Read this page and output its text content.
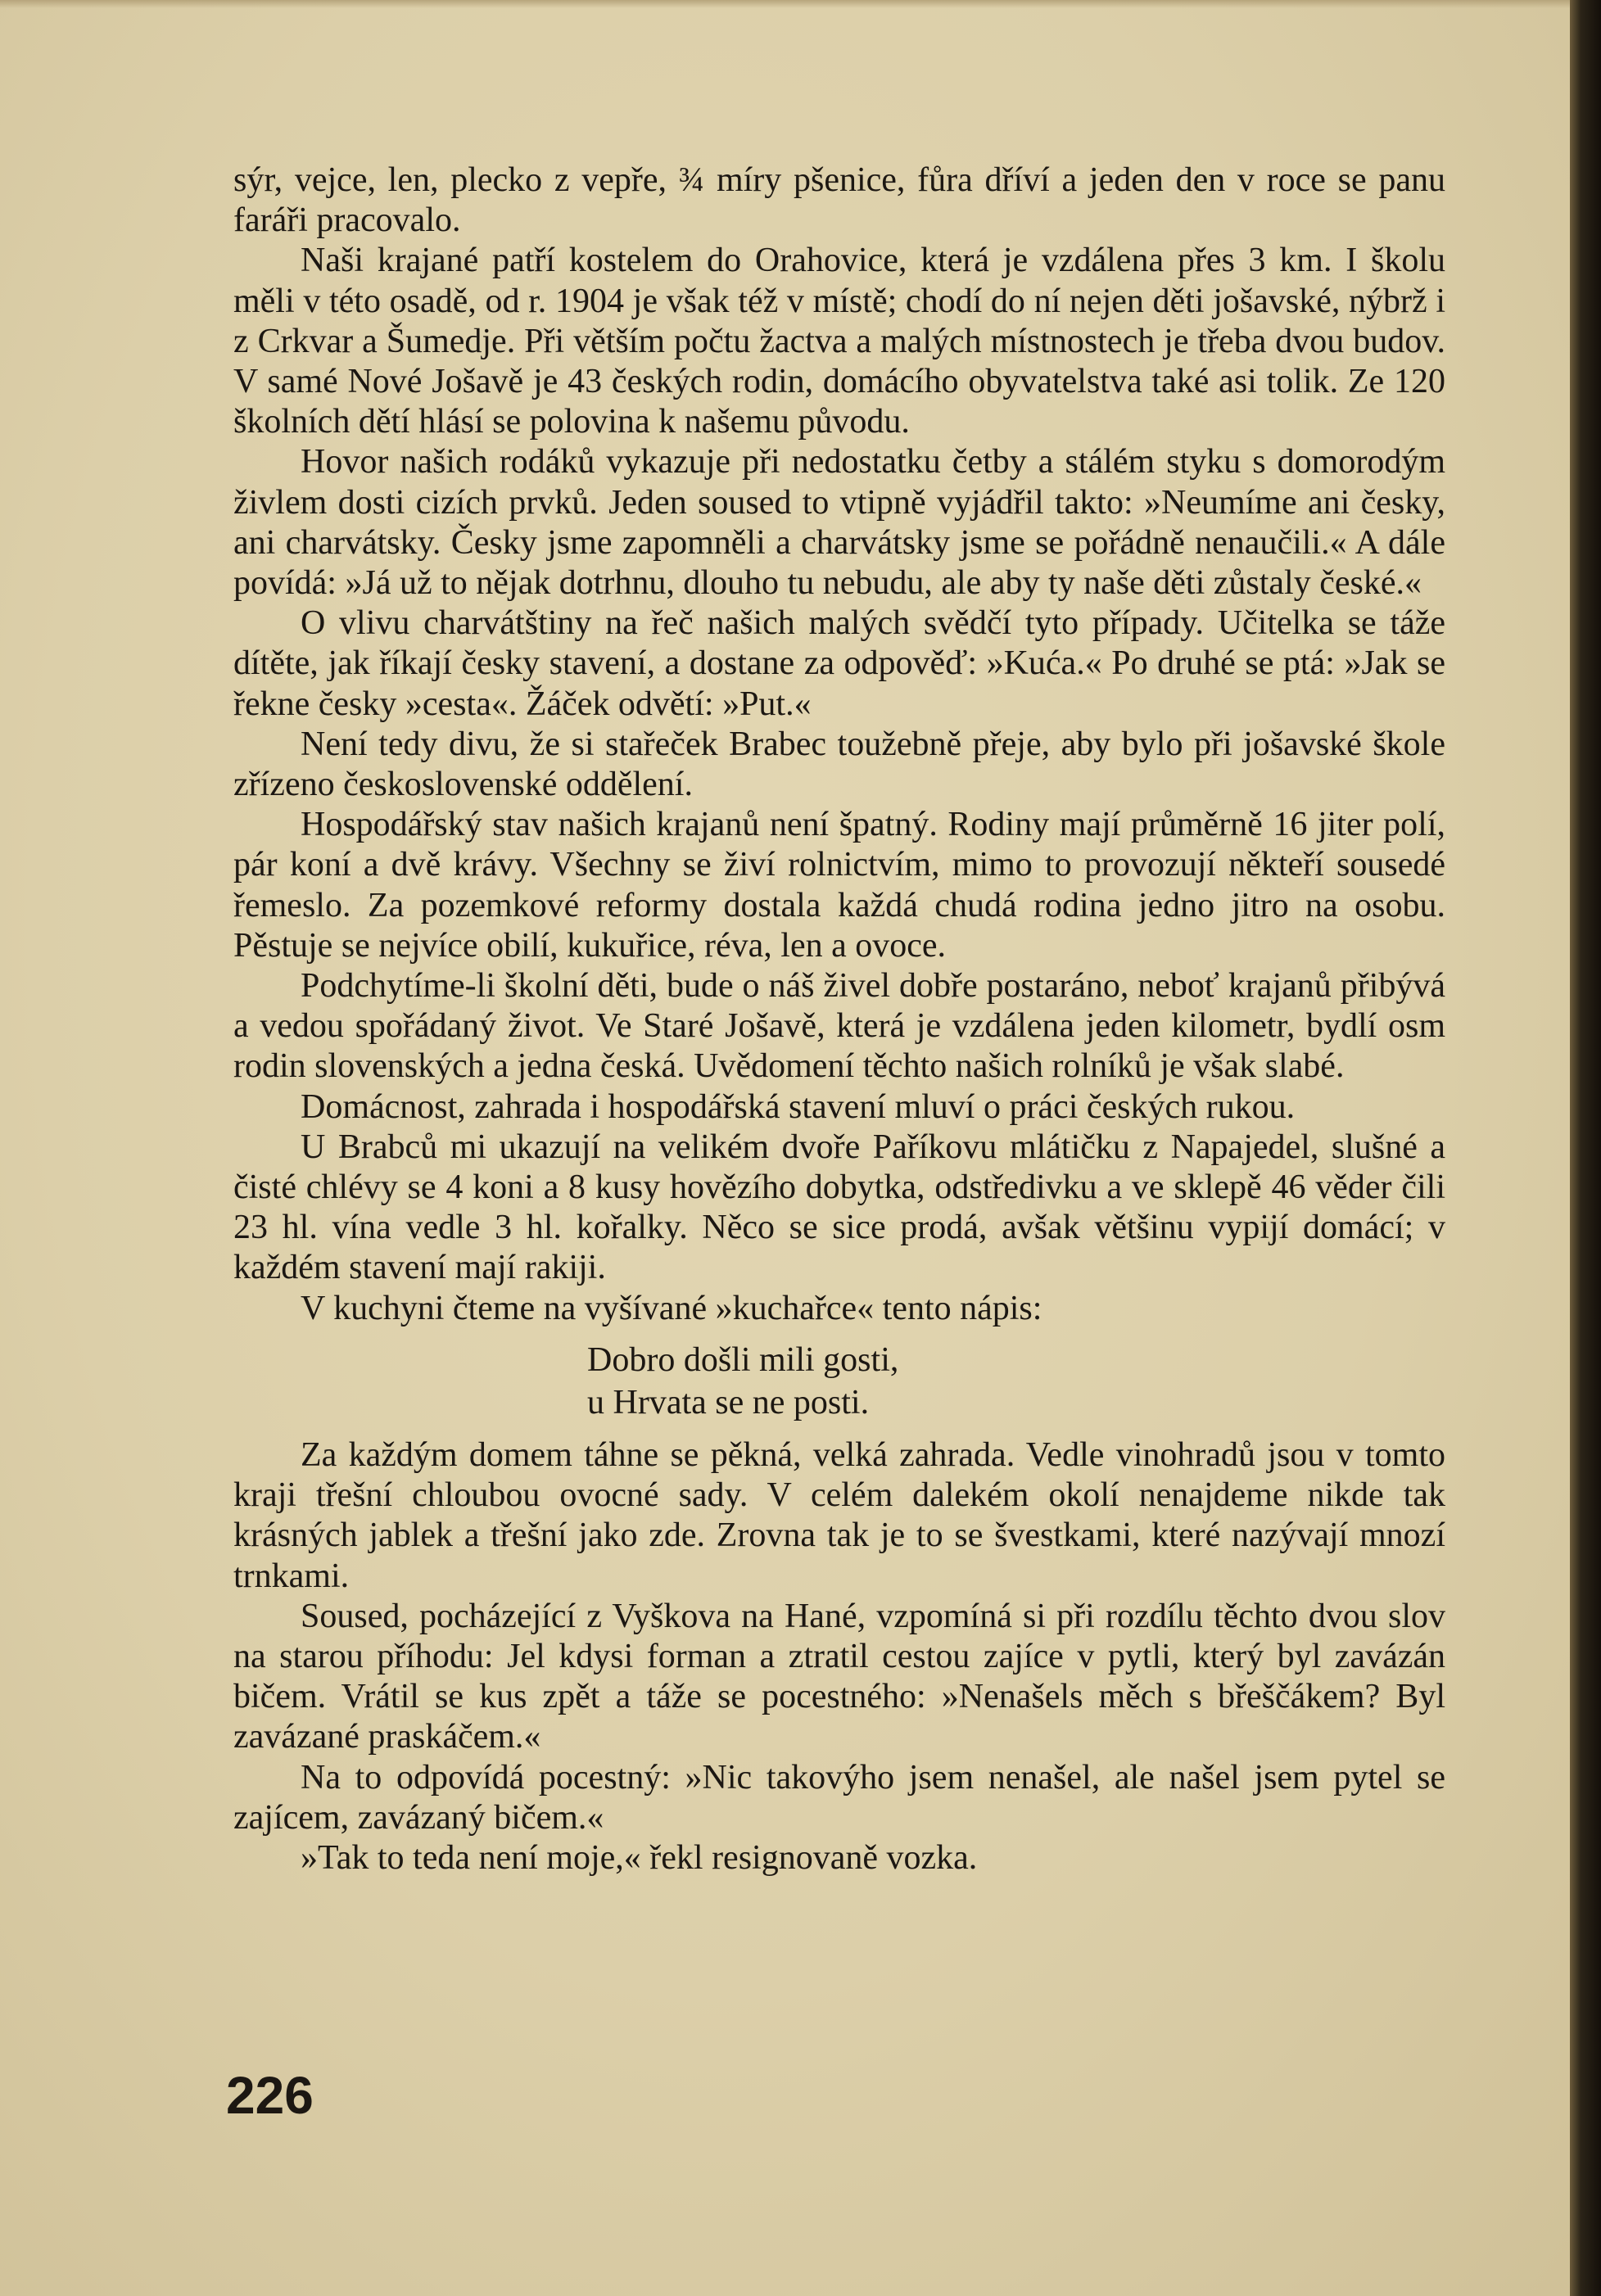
sýr, vejce, len, plecko z vepře, ¾ míry pšenice, fůra dříví a jeden den v roce se panu faráři pracovalo.

Naši krajané patří kostelem do Orahovice, která je vzdálena přes 3 km. I školu měli v této osadě, od r. 1904 je však též v místě; chodí do ní nejen děti jošavské, nýbrž i z Crkvar a Šumedje. Při větším počtu žactva a malých místnostech je třeba dvou budov. V samé Nové Jošavě je 43 českých rodin, domácího obyvatelstva také asi tolik. Ze 120 školních dětí hlásí se polovina k našemu původu.

Hovor našich rodáků vykazuje při nedostatku četby a stálém styku s domorodým živlem dosti cizích prvků. Jeden soused to vtipně vyjádřil takto: »Neumíme ani česky, ani charvátsky. Česky jsme zapomněli a charvátsky jsme se pořádně nenaučili.« A dále povídá: »Já už to nějak dotrhnu, dlouho tu nebudu, ale aby ty naše děti zůstaly české.«

O vlivu charvátštiny na řeč našich malých svědčí tyto případy. Učitelka se táže dítěte, jak říkají česky stavení, a dostane za odpověď: »Kuća.« Po druhé se ptá: »Jak se řekne česky »cesta«. Žáček odvětí: »Put.«

Není tedy divu, že si stařeček Brabec toužebně přeje, aby bylo při jošavské škole zřízeno československé oddělení.

Hospodářský stav našich krajanů není špatný. Rodiny mají průměrně 16 jiter polí, pár koní a dvě krávy. Všechny se živí rolnictvím, mimo to provozují někteří sousedé řemeslo. Za pozemkové reformy dostala každá chudá rodina jedno jitro na osobu. Pěstuje se nejvíce obilí, kukuřice, réva, len a ovoce.

Podchytíme-li školní děti, bude o náš živel dobře postaráno, neboť krajanů přibývá a vedou spořádaný život. Ve Staré Jošavě, která je vzdálena jeden kilometr, bydlí osm rodin slovenských a jedna česká. Uvědomení těchto našich rolníků je však slabé.

Domácnost, zahrada i hospodářská stavení mluví o práci českých rukou.

U Brabců mi ukazují na velikém dvoře Paříkovu mlátičku z Napajedel, slušné a čisté chlévy se 4 koni a 8 kusy hovězího dobytka, odstředivku a ve sklepě 46 věder čili 23 hl. vína vedle 3 hl. kořalky. Něco se sice prodá, avšak většinu vypijí domácí; v každém stavení mají rakiji.

V kuchyni čteme na vyšívané »kuchařce« tento nápis:

Dobro došli mili gosti,
u Hrvata se ne posti.

Za každým domem táhne se pěkná, velká zahrada. Vedle vinohradů jsou v tomto kraji třešní chloubou ovocné sady. V celém dalekém okolí nenajdeme nikde tak krásných jablek a třešní jako zde. Zrovna tak je to se švestkami, které nazývají mnozí trnkami.

Soused, pocházející z Vyškova na Hané, vzpomíná si při rozdílu těchto dvou slov na starou příhodu: Jel kdysi forman a ztratil cestou zajíce v pytli, který byl zavázán bičem. Vrátil se kus zpět a táže se pocestného: »Nenašels měch s břeščákem? Byl zavázané praskáčem.«

Na to odpovídá pocestný: »Nic takovýho jsem nenašel, ale našel jsem pytel se zajícem, zavázaný bičem.«

»Tak to teda není moje,« řekl resignovaně vozka.

226
